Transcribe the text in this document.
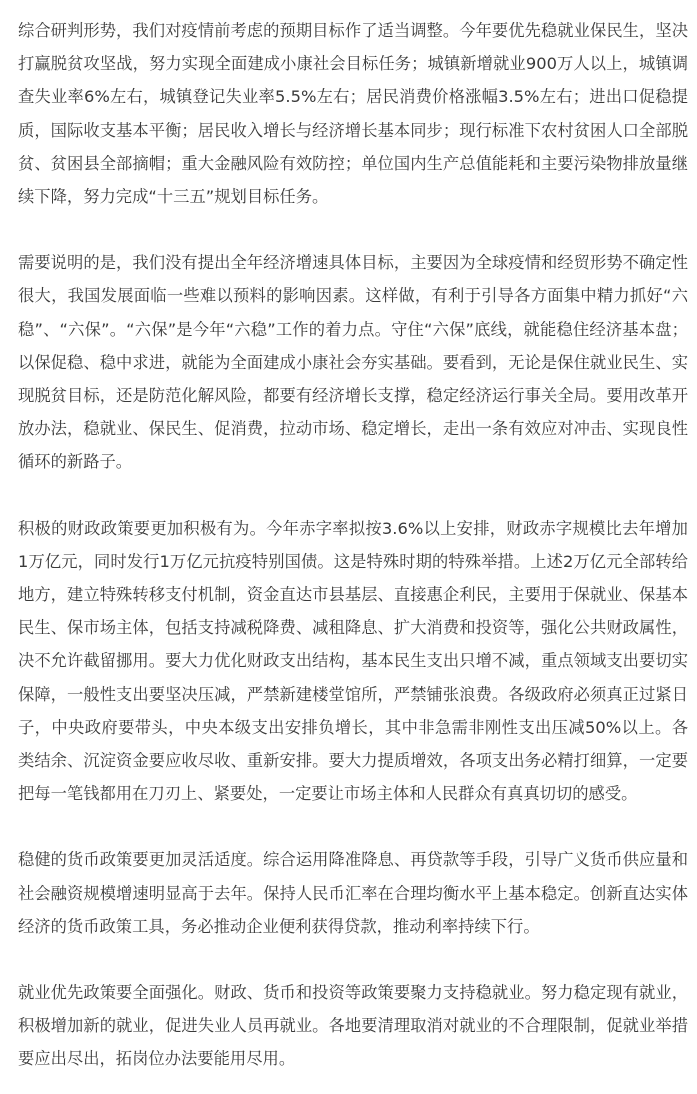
综合研判形势，我们对疫情前考虑的预期目标作了适当调整。今年要优先稳就业保民生，坚决打赢脱贫攻坚战，努力实现全面建成小康社会目标任务；城镇新增就业900万人以上，城镇调查失业率6%左右，城镇登记失业率5.5%左右；居民消费价格涨幅3.5%左右；进出口促稳提质，国际收支基本平衡；居民收入增长与经济增长基本同步；现行标准下农村贫困人口全部脱贫、贫困县全部摘帽；重大金融风险有效防控；单位国内生产总值能耗和主要污染物排放量继续下降，努力完成“十三五”规划目标任务。

需要说明的是，我们没有提出全年经济增速具体目标，主要因为全球疫情和经贸形势不确定性很大，我国发展面临一些难以预料的影响因素。这样做，有利于引导各方面集中精力抓好“六稳”、“六保”。“六保”是今年“六稳”工作的着力点。守住“六保”底线，就能稳住经济基本盘；以保促稳、稳中求进，就能为全面建成小康社会夯实基础。要看到，无论是保住就业民生、实现脱贫目标，还是防范化解风险，都要有经济增长支撑，稳定经济运行事关全局。要用改革开放办法，稳就业、保民生、促消费，拉动市场、稳定增长，走出一条有效应对冲击、实现良性循环的新路子。

积极的财政政策要更加积极有为。今年赤字率拟按3.6%以上安排，财政赤字规模比去年增加1万亿元，同时发行1万亿元抗疫特别国债。这是特殊时期的特殊举措。上述2万亿元全部转给地方，建立特殊转移支付机制，资金直达市县基层、直接惠企利民，主要用于保就业、保基本民生、保市场主体，包括支持减税降费、减租降息、扩大消费和投资等，强化公共财政属性，决不允许截留挪用。要大力优化财政支出结构，基本民生支出只增不减，重点领域支出要切实保障，一般性支出要坚决压减，严禁新建楼堂馆所，严禁铺张浪费。各级政府必须真正过紧日子，中央政府要带头，中央本级支出安排负增长，其中非急需非刚性支出压减50%以上。各类结余、沉淀资金要应收尽收、重新安排。要大力提质增效，各项支出务必精打细算，一定要把每一笔钱都用在刀刃上、紧要处，一定要让市场主体和人民群众有真真切切的感受。

稳健的货币政策要更加灵活适度。综合运用降准降息、再贷款等手段，引导广义货币供应量和社会融资规模增速明显高于去年。保持人民币汇率在合理均衡水平上基本稳定。创新直达实体经济的货币政策工具，务必推动企业便利获得贷款，推动利率持续下行。

就业优先政策要全面强化。财政、货币和投资等政策要聚力支持稳就业。努力稳定现有就业，积极增加新的就业，促进失业人员再就业。各地要清理取消对就业的不合理限制，促就业举措要应出尽出，拓岗位办法要能用尽用。
